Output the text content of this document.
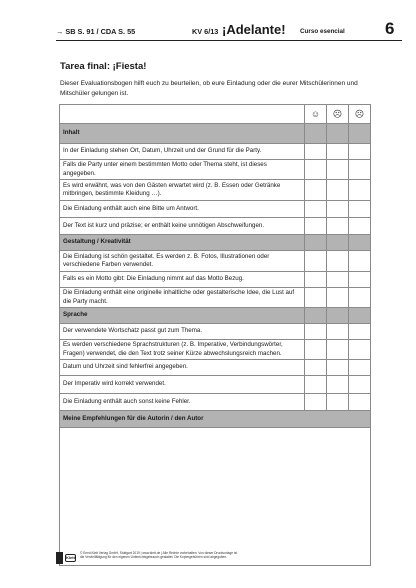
→ SB S. 91 / CDA S. 55	KV 6/13 ¡Adelante! Curso esencial 6
Tarea final: ¡Fiesta!
Dieser Evaluationsbogen hilft euch zu beurteilen, ob eure Einladung oder die eurer Mitschülerinnen und Mitschüler gelungen ist.
☺ ☹ ☹
Inhalt
In der Einladung stehen Ort, Datum, Uhrzeit und der Grund für die Party.
Falls die Party unter einem bestimmten Motto oder Thema steht, ist dieses angegeben.
Es wird erwähnt, was von den Gästen erwartet wird (z. B. Essen oder Getränke mitbringen, bestimmte Kleidung …).
Die Einladung enthält auch eine Bitte um Antwort.
Der Text ist kurz und präzise; er enthält keine unnötigen Abschweifungen.
Gestaltung / Kreativität
Die Einladung ist schön gestaltet. Es werden z. B. Fotos, Illustrationen oder verschiedene Farben verwendet.
Falls es ein Motto gibt: Die Einladung nimmt auf das Motto Bezug.
Die Einladung enthält eine originelle inhaltliche oder gestalterische Idee, die Lust auf die Party macht.
Sprache
Der verwendete Wortschatz passt gut zum Thema.
Es werden verschiedene Sprachstrukturen (z. B. Imperative, Verbindungswörter, Fragen) verwendet, die den Text trotz seiner Kürze abwechslungsreich machen.
Datum und Uhrzeit sind fehlerfrei angegeben.
Der Imperativ wird korrekt verwendet.
Die Einladung enthält auch sonst keine Fehler.
Meine Empfehlungen für die Autorin / den Autor
Klett
© Ernst Klett Verlag GmbH, Stuttgart 2019 | www.klett.de | Alle Rechte vorbehalten. Von dieser Druckvorlage ist die Vervielfältigung für den eigenen Unterrichtsgebrauch gestattet. Die Kopiergebühren sind abgegolten.
